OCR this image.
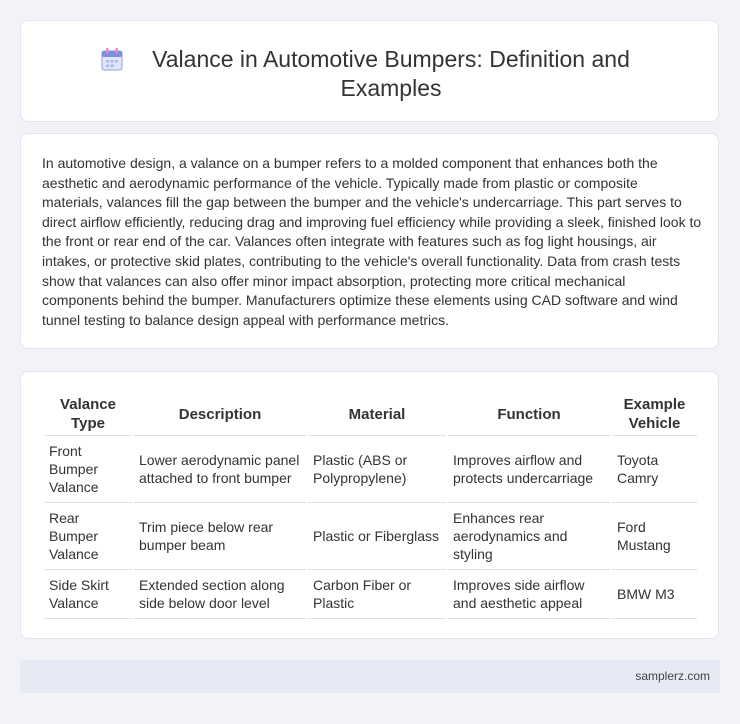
Valance in Automotive Bumpers: Definition and Examples

In automotive design, a valance on a bumper refers to a molded component that enhances both the aesthetic and aerodynamic performance of the vehicle. Typically made from plastic or composite materials, valances fill the gap between the bumper and the vehicle's undercarriage. This part serves to direct airflow efficiently, reducing drag and improving fuel efficiency while providing a sleek, finished look to the front or rear end of the car. Valances often integrate with features such as fog light housings, air intakes, or protective skid plates, contributing to the vehicle's overall functionality. Data from crash tests show that valances can also offer minor impact absorption, protecting more critical mechanical components behind the bumper. Manufacturers optimize these elements using CAD software and wind tunnel testing to balance design appeal with performance metrics.

Valance Type	Description	Material	Function	Example Vehicle
Front Bumper Valance	Lower aerodynamic panel attached to front bumper	Plastic (ABS or Polypropylene)	Improves airflow and protects undercarriage	Toyota Camry
Rear Bumper Valance	Trim piece below rear bumper beam	Plastic or Fiberglass	Enhances rear aerodynamics and styling	Ford Mustang
Side Skirt Valance	Extended section along side below door level	Carbon Fiber or Plastic	Improves side airflow and aesthetic appeal	BMW M3
samplerz.com
